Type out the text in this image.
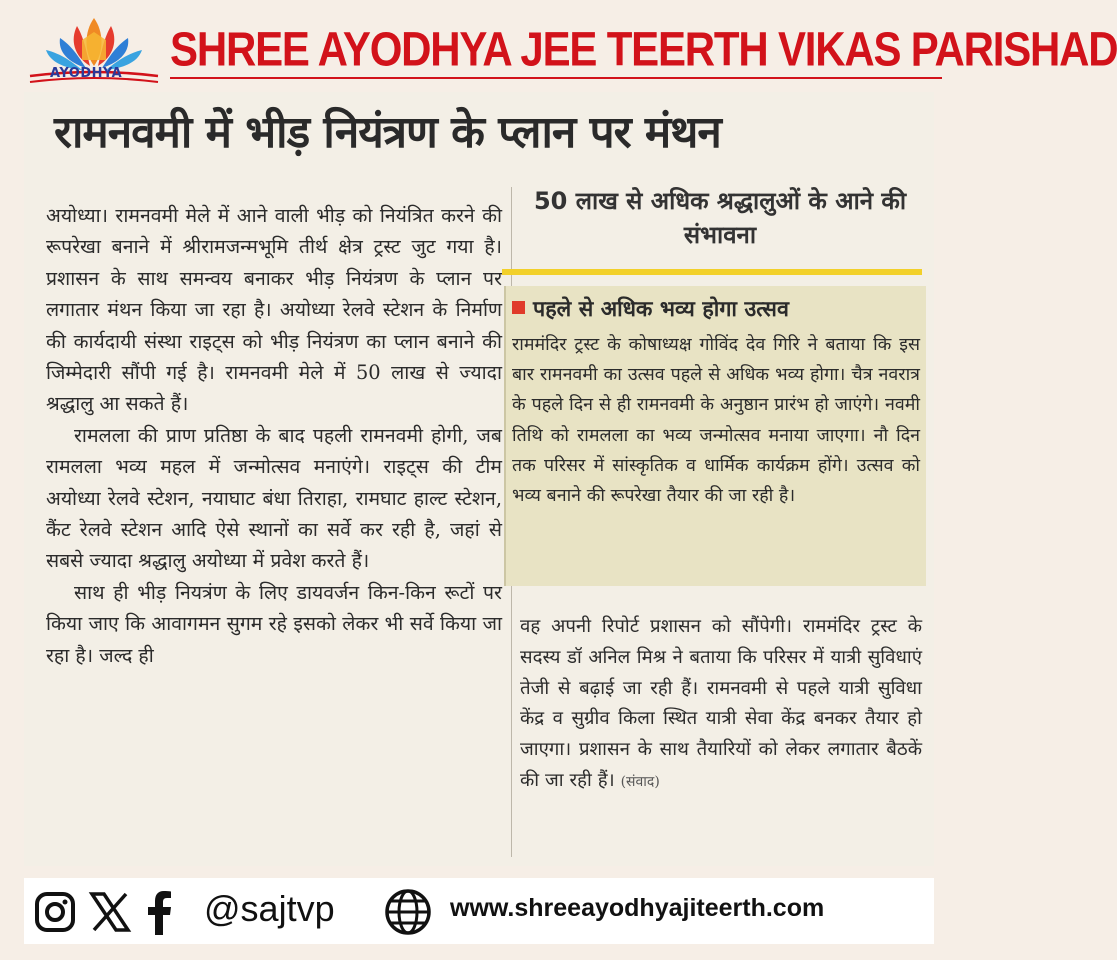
AYODHYA SHREE AYODHYA JEE TEERTH VIKAS PARISHAD
रामनवमी में भीड़ नियंत्रण के प्लान पर मंथन

अयोध्या। रामनवमी मेले में आने वाली भीड़ को नियंत्रित करने की रूपरेखा बनाने में श्रीरामजन्मभूमि तीर्थ क्षेत्र ट्रस्ट जुट गया है। प्रशासन के साथ समन्वय बनाकर भीड़ नियंत्रण के प्लान पर लगातार मंथन किया जा रहा है। अयोध्या रेलवे स्टेशन के निर्माण की कार्यदायी संस्था राइट्स को भीड़ नियंत्रण का प्लान बनाने की जिम्मेदारी सौंपी गई है। रामनवमी मेले में 50 लाख से ज्यादा श्रद्धालु आ सकते हैं।

रामलला की प्राण प्रतिष्ठा के बाद पहली रामनवमी होगी, जब रामलला भव्य महल में जन्मोत्सव मनाएंगे। राइट्स की टीम अयोध्या रेलवे स्टेशन, नयाघाट बंधा तिराहा, रामघाट हाल्ट स्टेशन, कैंट रेलवे स्टेशन आदि ऐसे स्थानों का सर्वे कर रही है, जहां से सबसे ज्यादा श्रद्धालु अयोध्या में प्रवेश करते हैं।

साथ ही भीड़ नियत्रंण के लिए डायवर्जन किन-किन रूटों पर किया जाए कि आवागमन सुगम रहे इसको लेकर भी सर्वे किया जा रहा है। जल्द ही

50 लाख से अधिक श्रद्धालुओं के आने की संभावना
पहले से अधिक भव्य होगा उत्सव
राममंदिर ट्रस्ट के कोषाध्यक्ष गोविंद देव गिरि ने बताया कि इस बार रामनवमी का उत्सव पहले से अधिक भव्य होगा। चैत्र नवरात्र के पहले दिन से ही रामनवमी के अनुष्ठान प्रारंभ हो जाएंगे। नवमी तिथि को रामलला का भव्य जन्मोत्सव मनाया जाएगा। नौ दिन तक परिसर में सांस्कृतिक व धार्मिक कार्यक्रम होंगे। उत्सव को भव्य बनाने की रूपरेखा तैयार की जा रही है।
वह अपनी रिपोर्ट प्रशासन को सौंपेगी। राममंदिर ट्रस्ट के सदस्य डॉ अनिल मिश्र ने बताया कि परिसर में यात्री सुविधाएं तेजी से बढ़ाई जा रही हैं। रामनवमी से पहले यात्री सुविधा केंद्र व सुग्रीव किला स्थित यात्री सेवा केंद्र बनकर तैयार हो जाएगा। प्रशासन के साथ तैयारियों को लेकर लगातार बैठकें की जा रही हैं। (संवाद)
@sajtvp	www.shreeayodhyajiteerth.com
